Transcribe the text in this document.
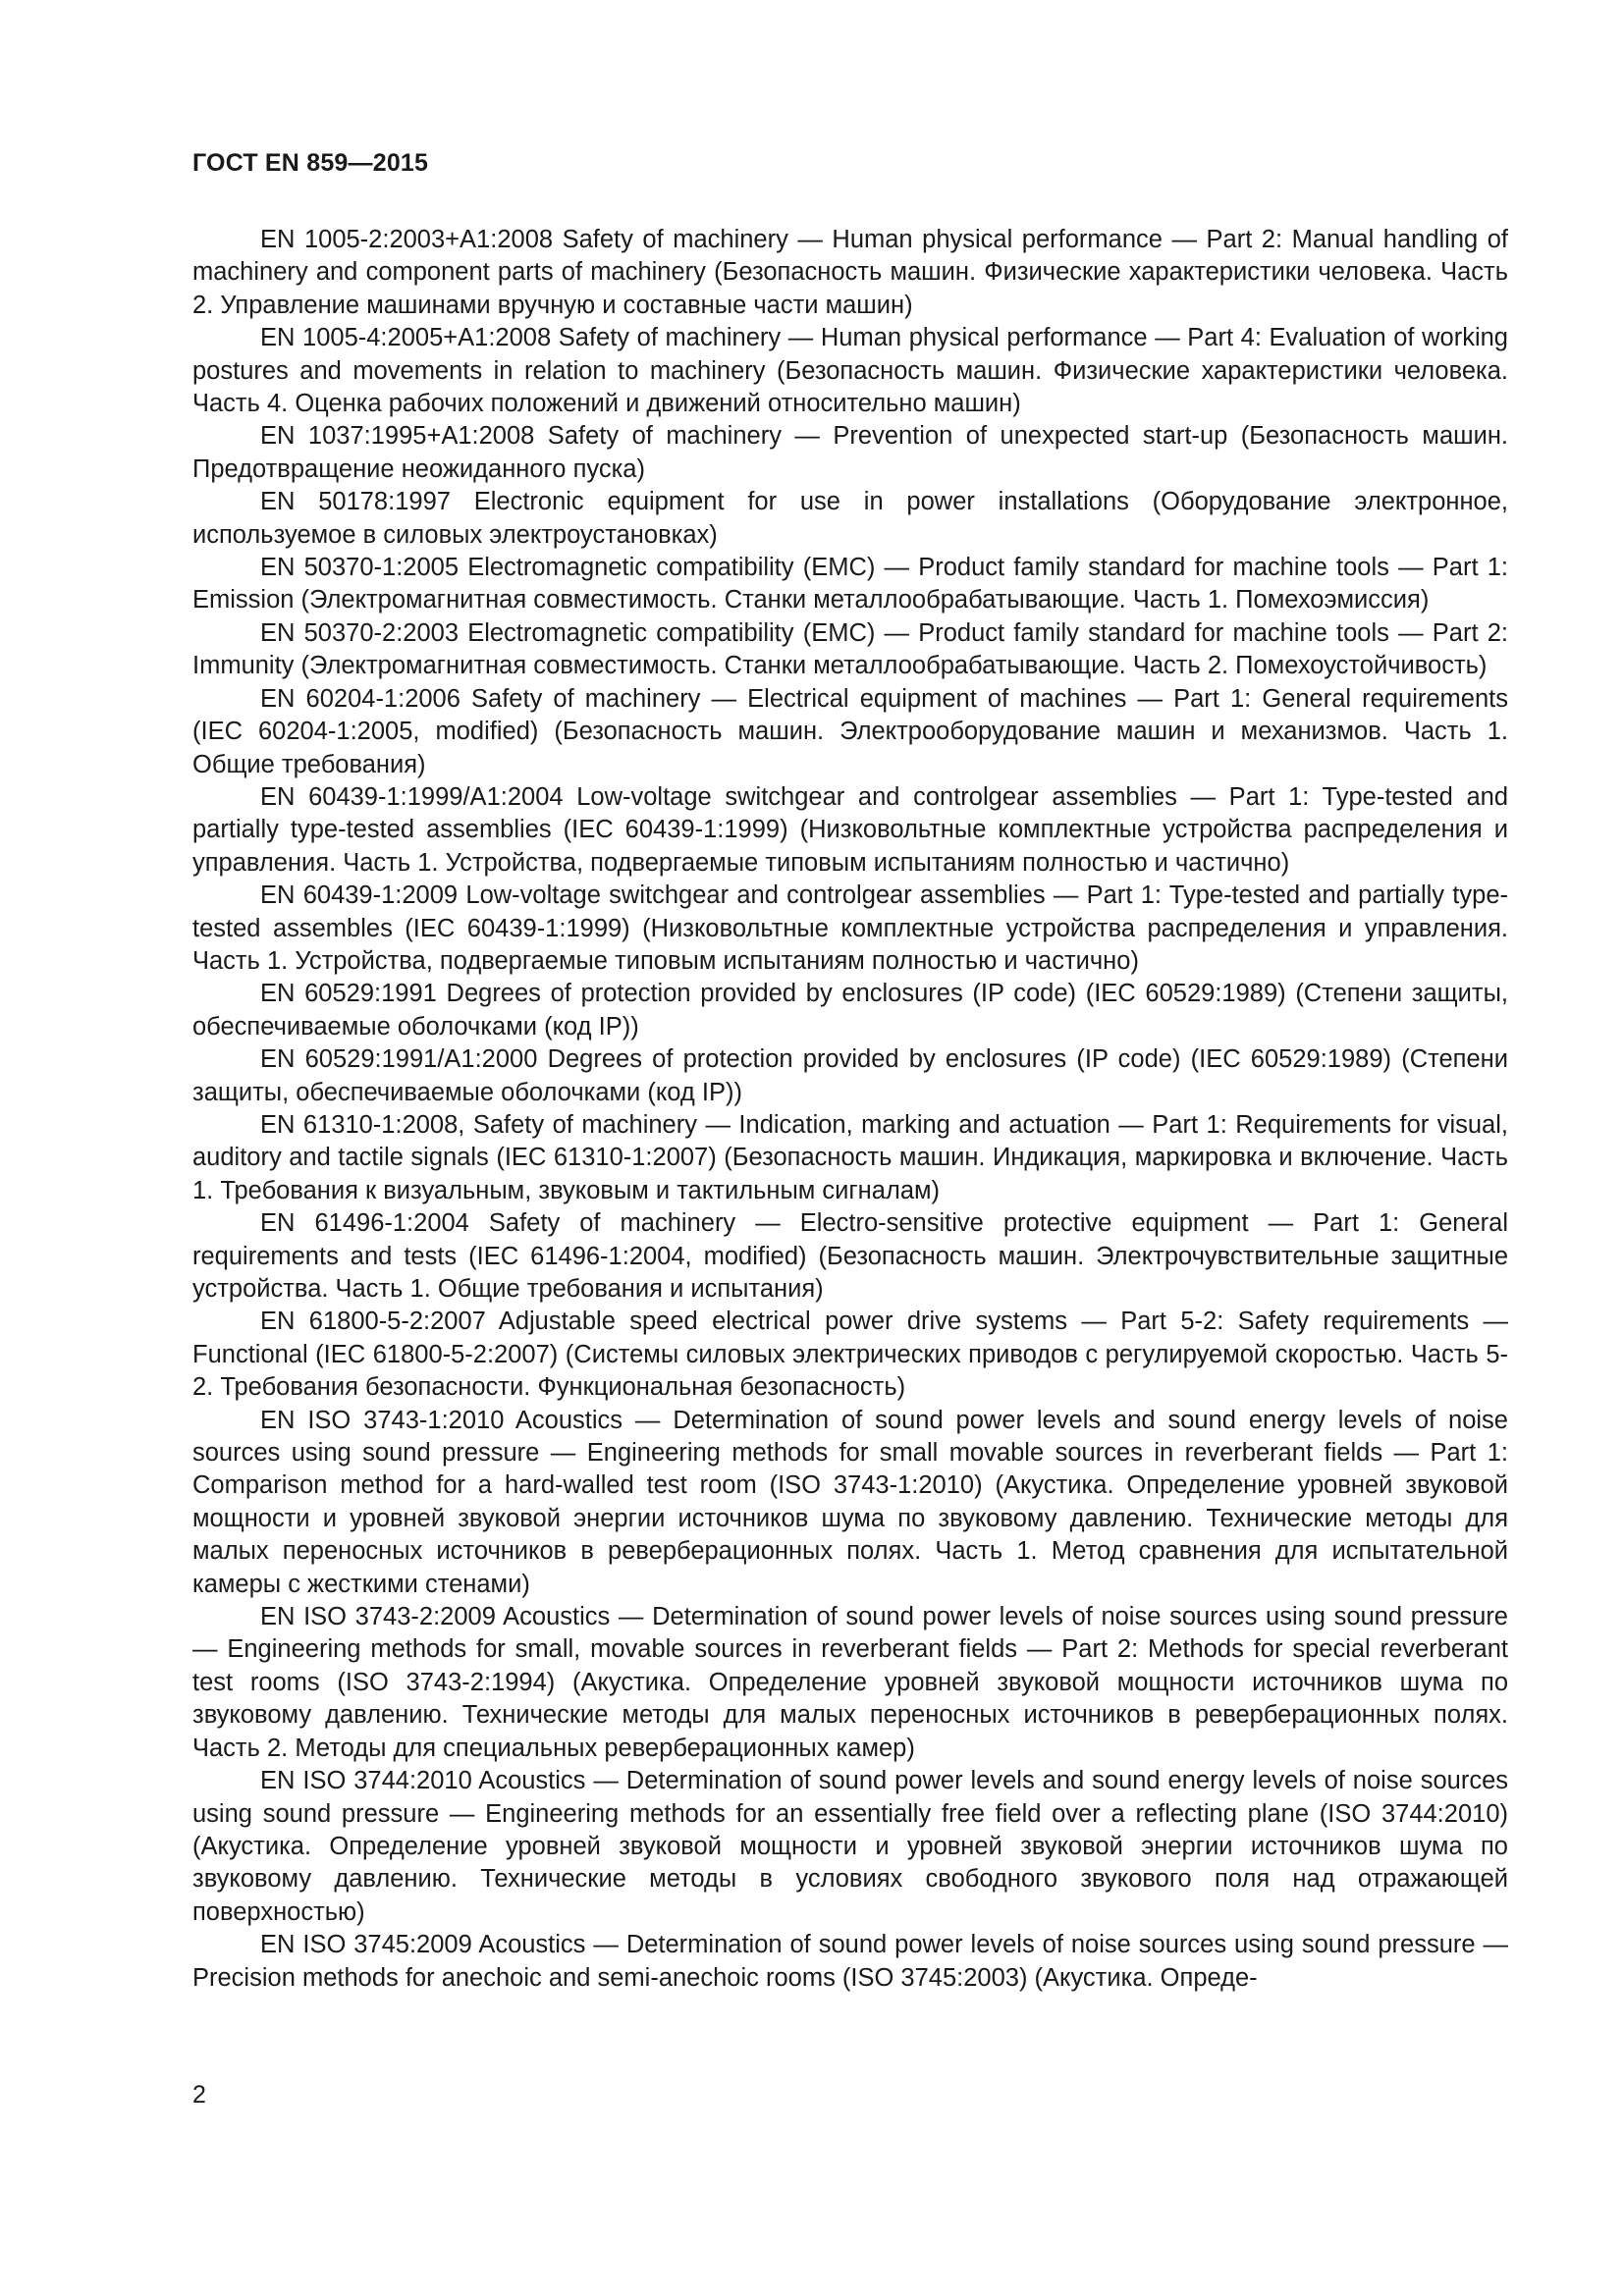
ГОСТ EN 859—2015

EN 1005-2:2003+A1:2008 Safety of machinery — Human physical performance — Part 2: Manual handling of machinery and component parts of machinery (Безопасность машин. Физические характеристики человека. Часть 2. Управление машинами вручную и составные части машин)

EN 1005-4:2005+A1:2008 Safety of machinery — Human physical performance — Part 4: Evaluation of working postures and movements in relation to machinery (Безопасность машин. Физические характеристики человека. Часть 4. Оценка рабочих положений и движений относительно машин)

EN 1037:1995+A1:2008 Safety of machinery — Prevention of unexpected start-up (Безопасность машин. Предотвращение неожиданного пуска)

EN 50178:1997 Electronic equipment for use in power installations (Оборудование электронное, используемое в силовых электроустановках)

EN 50370-1:2005 Electromagnetic compatibility (EMC) — Product family standard for machine tools — Part 1: Emission (Электромагнитная совместимость. Станки металлообрабатывающие. Часть 1. Помехоэмиссия)

EN 50370-2:2003 Electromagnetic compatibility (EMC) — Product family standard for machine tools — Part 2: Immunity (Электромагнитная совместимость. Станки металлообрабатывающие. Часть 2. Помехоустойчивость)

EN 60204-1:2006 Safety of machinery — Electrical equipment of machines — Part 1: General requirements (IEC 60204-1:2005, modified) (Безопасность машин. Электрооборудование машин и механизмов. Часть 1. Общие требования)

EN 60439-1:1999/A1:2004 Low-voltage switchgear and controlgear assemblies — Part 1: Type-tested and partially type-tested assemblies (IEC 60439-1:1999) (Низковольтные комплектные устройства распределения и управления. Часть 1. Устройства, подвергаемые типовым испытаниям полностью и частично)

EN 60439-1:2009 Low-voltage switchgear and controlgear assemblies — Part 1: Type-tested and partially type-tested assembles (IEC 60439-1:1999) (Низковольтные комплектные устройства распределения и управления. Часть 1. Устройства, подвергаемые типовым испытаниям полностью и частично)

EN 60529:1991 Degrees of protection provided by enclosures (IP code) (IEC 60529:1989) (Степени защиты, обеспечиваемые оболочками (код IP))

EN 60529:1991/A1:2000 Degrees of protection provided by enclosures (IP code) (IEC 60529:1989) (Степени защиты, обеспечиваемые оболочками (код IP))

EN 61310-1:2008, Safety of machinery — Indication, marking and actuation — Part 1: Requirements for visual, auditory and tactile signals (IEC 61310-1:2007) (Безопасность машин. Индикация, маркировка и включение. Часть 1. Требования к визуальным, звуковым и тактильным сигналам)

EN 61496-1:2004 Safety of machinery — Electro-sensitive protective equipment — Part 1: General requirements and tests (IEC 61496-1:2004, modified) (Безопасность машин. Электрочувствительные защитные устройства. Часть 1. Общие требования и испытания)

EN 61800-5-2:2007 Adjustable speed electrical power drive systems — Part 5-2: Safety requirements — Functional (IEC 61800-5-2:2007) (Системы силовых электрических приводов с регулируемой скоростью. Часть 5-2. Требования безопасности. Функциональная безопасность)

EN ISO 3743-1:2010 Acoustics — Determination of sound power levels and sound energy levels of noise sources using sound pressure — Engineering methods for small movable sources in reverberant fields — Part 1: Comparison method for a hard-walled test room (ISO 3743-1:2010) (Акустика. Определение уровней звуковой мощности и уровней звуковой энергии источников шума по звуковому давлению. Технические методы для малых переносных источников в реверберационных полях. Часть 1. Метод сравнения для испытательной камеры с жесткими стенами)

EN ISO 3743-2:2009 Acoustics — Determination of sound power levels of noise sources using sound pressure — Engineering methods for small, movable sources in reverberant fields — Part 2: Methods for special reverberant test rooms (ISO 3743-2:1994) (Акустика. Определение уровней звуковой мощности источников шума по звуковому давлению. Технические методы для малых переносных источников в реверберационных полях. Часть 2. Методы для специальных реверберационных камер)

EN ISO 3744:2010 Acoustics — Determination of sound power levels and sound energy levels of noise sources using sound pressure — Engineering methods for an essentially free field over a reflecting plane (ISO 3744:2010) (Акустика. Определение уровней звуковой мощности и уровней звуковой энергии источников шума по звуковому давлению. Технические методы в условиях свободного звукового поля над отражающей поверхностью)

EN ISO 3745:2009 Acoustics — Determination of sound power levels of noise sources using sound pressure — Precision methods for anechoic and semi-anechoic rooms (ISO 3745:2003) (Акустика. Опреде-

2
